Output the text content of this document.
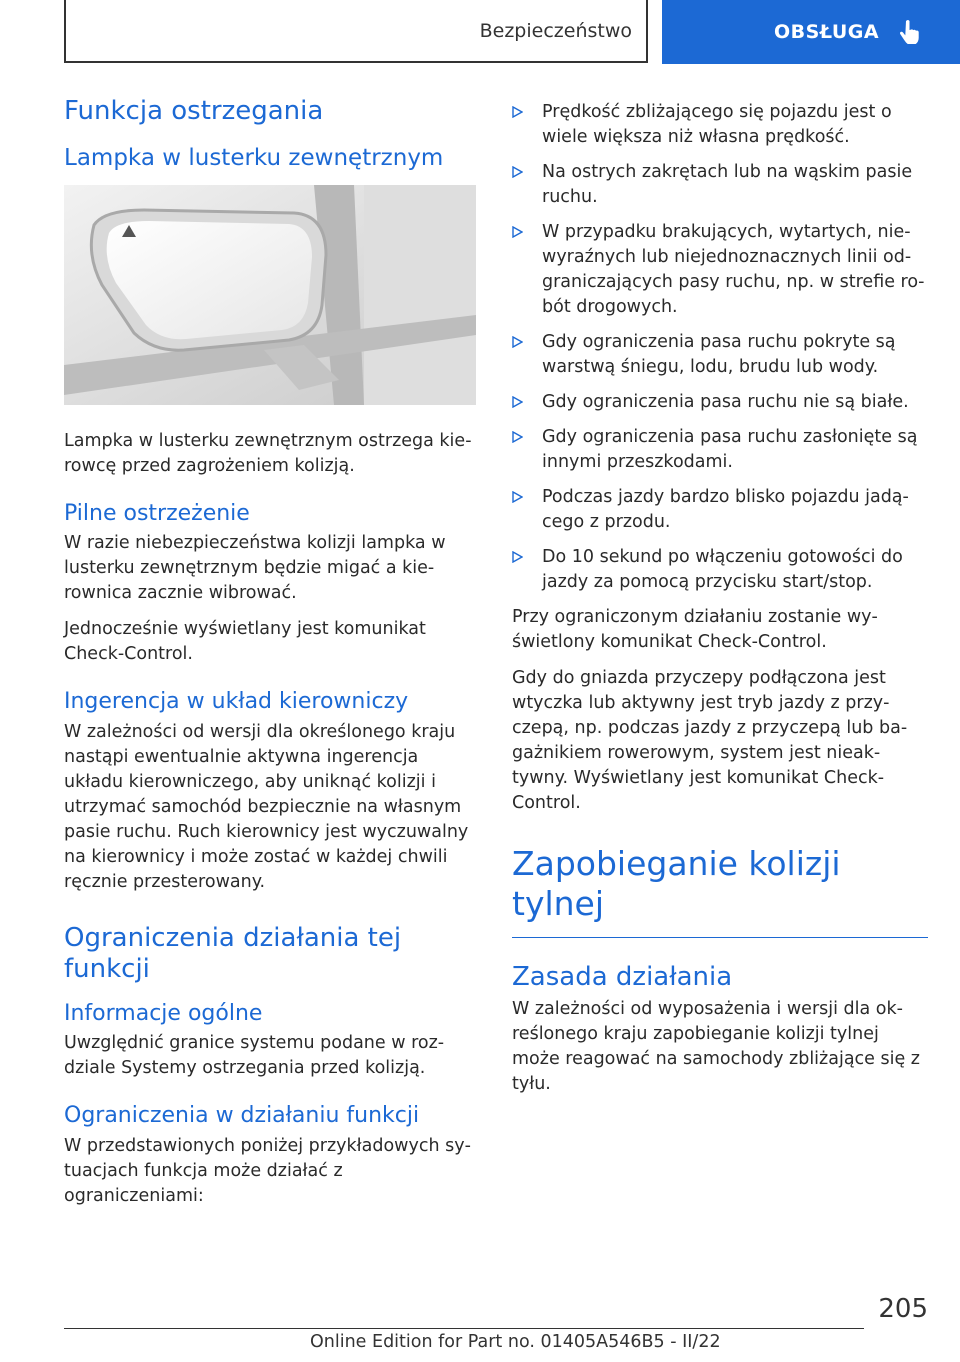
Bezpieczeństwo	OBSŁUGA
Funkcja ostrzegania
Lampka w lusterku zewnętrznym

Lampka w lusterku zewnętrznym ostrzega kierowcę przed zagrożeniem kolizją.

Pilne ostrzeżenie

W razie niebezpieczeństwa kolizji lampka w lusterku zewnętrznym będzie migać a kierownica zacznie wibrować.

Jednocześnie wyświetlany jest komunikat Check-Control.

Ingerencja w układ kierowniczy

W zależności od wersji dla określonego kraju nastąpi ewentualnie aktywna ingerencja układu kierowniczego, aby uniknąć kolizji i utrzymać samochód bezpiecznie na własnym pasie ruchu. Ruch kierownicy jest wyczuwalny na kierownicy i może zostać w każdej chwili ręcznie przesterowany.

Ograniczenia działania tej funkcji
Informacje ogólne

Uwzględnić granice systemu podane w rozdziale Systemy ostrzegania przed kolizją.

Ograniczenia w działaniu funkcji

W przedstawionych poniżej przykładowych sytuacjach funkcja może działać z ograniczeniami:

Prędkość zbliżającego się pojazdu jest o wiele większa niż własna prędkość.
Na ostrych zakrętach lub na wąskim pasie ruchu.
W przypadku brakujących, wytartych, niewyraźnych lub niejednoznacznych linii odgraniczających pasy ruchu, np. w strefie robót drogowych.
Gdy ograniczenia pasa ruchu pokryte są warstwą śniegu, lodu, brudu lub wody.
Gdy ograniczenia pasa ruchu nie są białe.
Gdy ograniczenia pasa ruchu zasłonięte są innymi przeszkodami.
Podczas jazdy bardzo blisko pojazdu jadącego z przodu.
Do 10 sekund po włączeniu gotowości do jazdy za pomocą przycisku start/stop.

Przy ograniczonym działaniu zostanie wyświetlony komunikat Check-Control.

Gdy do gniazda przyczepy podłączona jest wtyczka lub aktywny jest tryb jazdy z przyczepą, np. podczas jazdy z przyczepą lub bagażnikiem rowerowym, system jest nieaktywny. Wyświetlany jest komunikat Check-Control.

Zapobieganie kolizji tylnej
Zasada działania

W zależności od wyposażenia i wersji dla określonego kraju zapobieganie kolizji tylnej może reagować na samochody zbliżające się z tyłu.

205
Online Edition for Part no. 01405A546B5 - II/22
